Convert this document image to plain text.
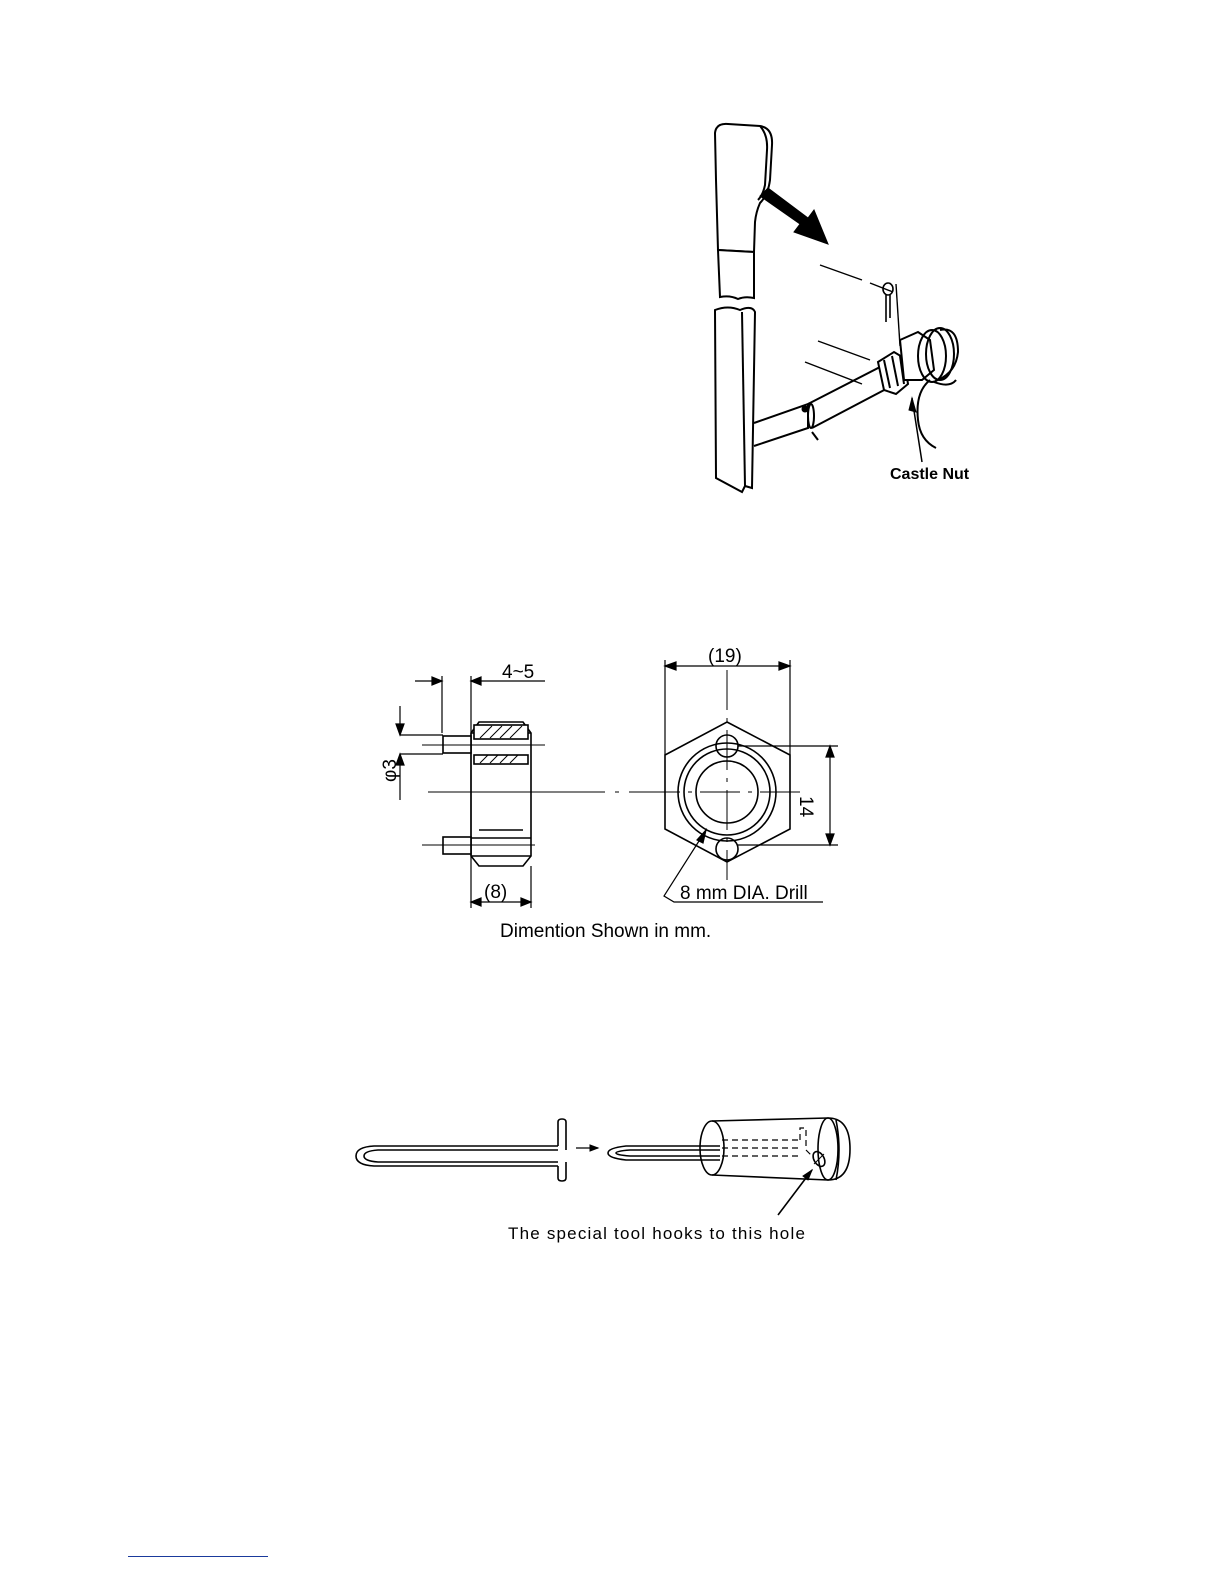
Castle Nut
4~5
φ3
(19)
14
(8)	8 mm DIA. Drill
Dimention Shown in mm.
The special tool hooks to this hole
